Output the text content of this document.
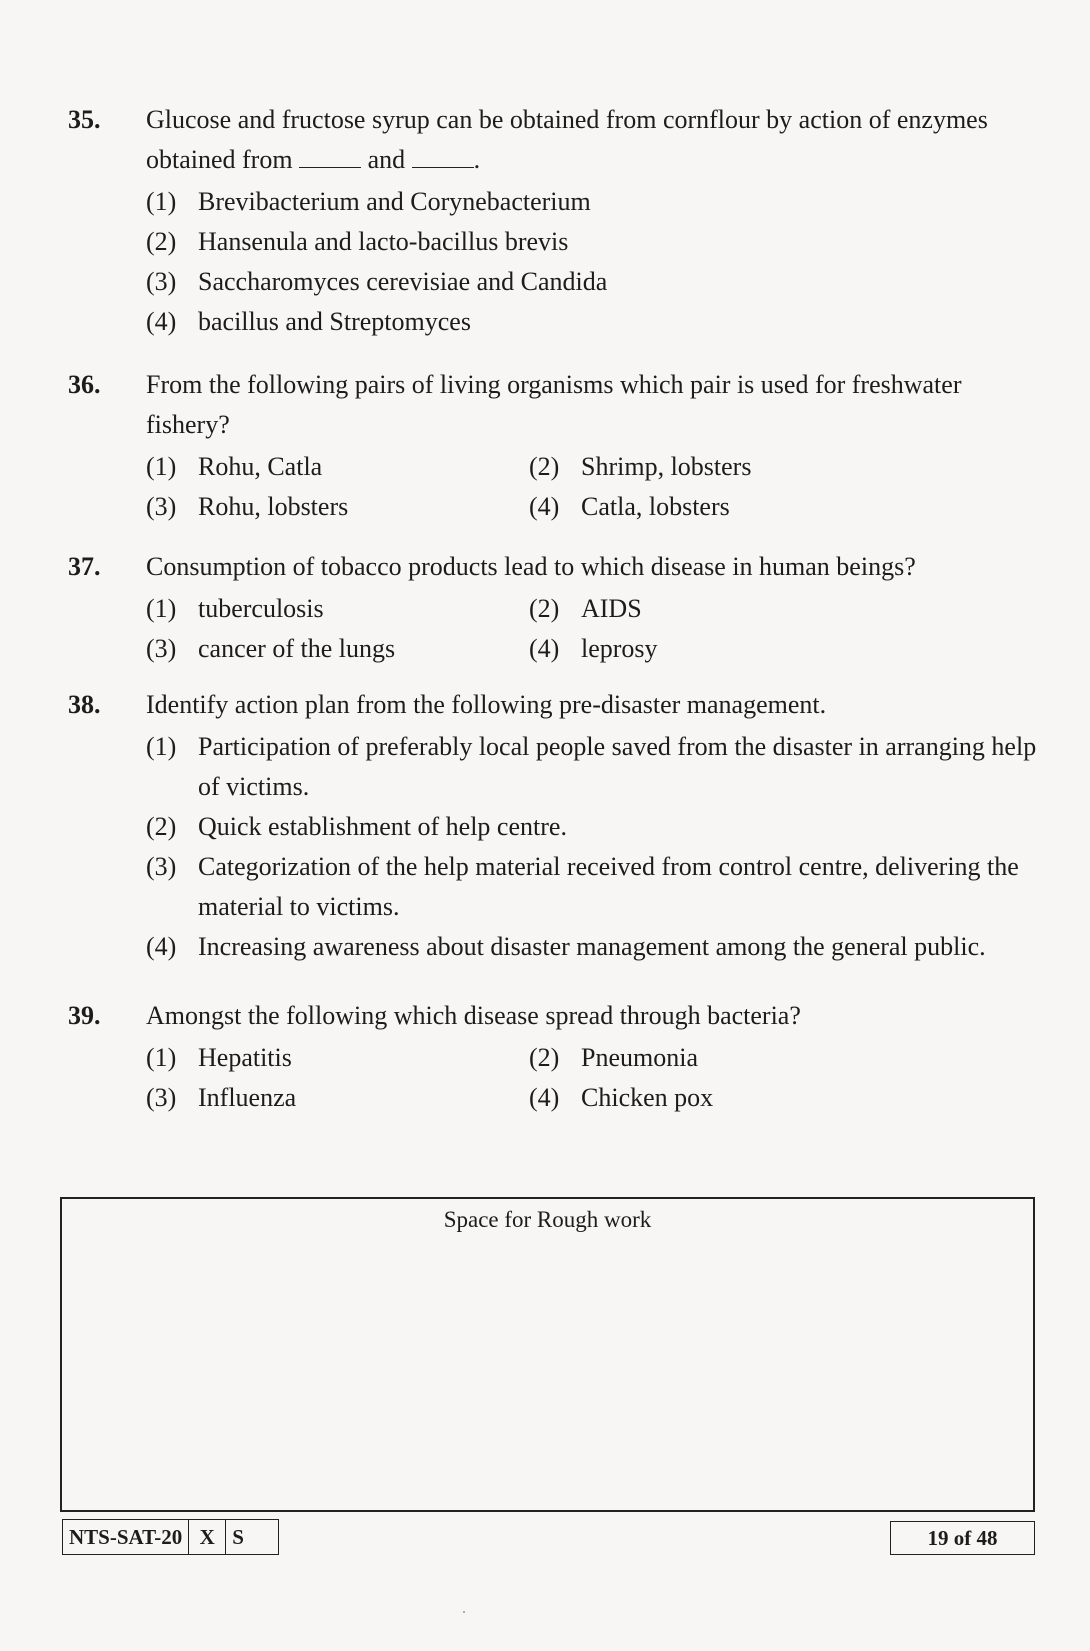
35.	Glucose and fructose syrup can be obtained from cornflour by action of enzymes obtained from	and	.
(1) Brevibacterium and Corynebacterium
(2) Hansenula and lacto-bacillus brevis
(3) Saccharomyces cerevisiae and Candida
(4) bacillus and Streptomyces
36.	From the following pairs of living organisms which pair is used for freshwater fishery?
(1) Rohu, Catla	(2) Shrimp, lobsters
(3) Rohu, lobsters	(4) Catla, lobsters
37.	Consumption of tobacco products lead to which disease in human beings?
(1) tuberculosis	(2) AIDS
(3) cancer of the lungs	(4) leprosy
38.	Identify action plan from the following pre-disaster management.
(1) Participation of preferably local people saved from the disaster in arranging help of victims.
(2) Quick establishment of help centre.
(3) Categorization of the help material received from control centre, delivering the material to victims.
(4) Increasing awareness about disaster management among the general public.
39.	Amongst the following which disease spread through bacteria?
(1) Hepatitis	(2) Pneumonia
(3) Influenza	(4) Chicken pox
Space for Rough work
NTS-SAT-20 X S	19 of 48
